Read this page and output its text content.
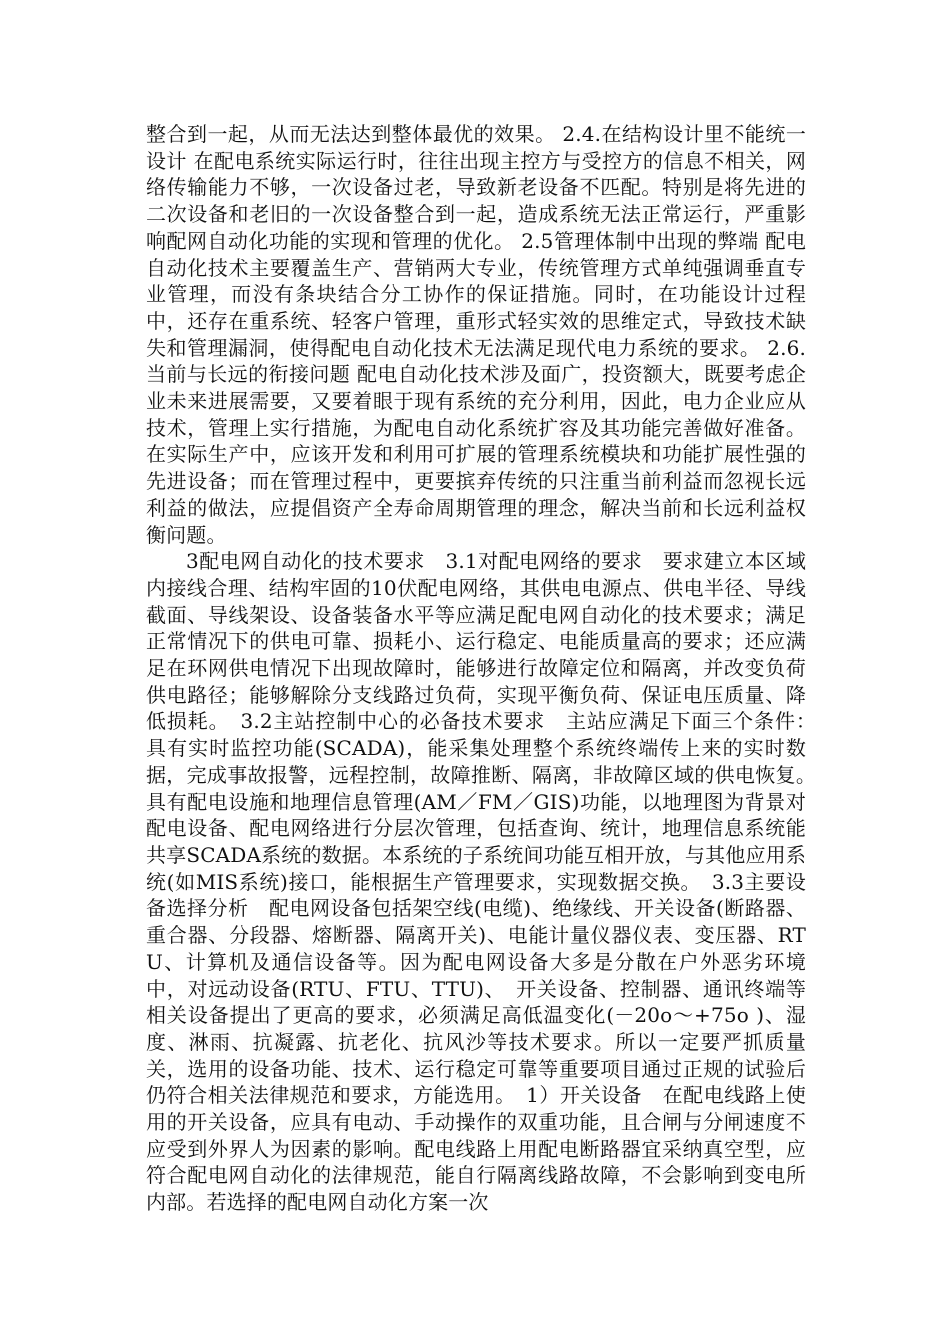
整合到一起，从而无法达到整体最优的效果。 2.4.在结构设计里不能统一设计 在配电系统实际运行时，往往出现主控方与受控方的信息不相关，网络传输能力不够，一次设备过老，导致新老设备不匹配。特别是将先进的二次设备和老旧的一次设备整合到一起，造成系统无法正常运行，严重影响配网自动化功能的实现和管理的优化。 2.5管理体制中出现的弊端 配电自动化技术主要覆盖生产、营销两大专业，传统管理方式单纯强调垂直专业管理，而没有条块结合分工协作的保证措施。同时，在功能设计过程中，还存在重系统、轻客户管理，重形式轻实效的思维定式，导致技术缺失和管理漏洞，使得配电自动化技术无法满足现代电力系统的要求。 2.6.当前与长远的衔接问题 配电自动化技术涉及面广，投资额大，既要考虑企业未来进展需要，又要着眼于现有系统的充分利用，因此，电力企业应从技术，管理上实行措施，为配电自动化系统扩容及其功能完善做好准备。在实际生产中，应该开发和利用可扩展的管理系统模块和功能扩展性强的先进设备；而在管理过程中，更要摈弃传统的只注重当前利益而忽视长远利益的做法，应提倡资产全寿命周期管理的理念，解决当前和长远利益权衡问题。

3配电网自动化的技术要求　3.1对配电网络的要求　要求建立本区域内接线合理、结构牢固的10伏配电网络，其供电电源点、供电半径、导线截面、导线架设、设备装备水平等应满足配电网自动化的技术要求；满足正常情况下的供电可靠、损耗小、运行稳定、电能质量高的要求；还应满足在环网供电情况下出现故障时，能够进行故障定位和隔离，并改变负荷供电路径；能够解除分支线路过负荷，实现平衡负荷、保证电压质量、降低损耗。　3.2主站控制中心的必备技术要求　主站应满足下面三个条件：　具有实时监控功能(SCADA)，能采集处理整个系统终端传上来的实时数据，完成事故报警，远程控制，故障推断、隔离，非故障区域的供电恢复。　具有配电设施和地理信息管理(AM／FM／GIS)功能，以地理图为背景对配电设备、配电网络进行分层次管理，包括查询、统计，地理信息系统能共享SCADA系统的数据。本系统的子系统间功能互相开放，与其他应用系统(如MIS系统)接口，能根据生产管理要求，实现数据交换。　3.3主要设备选择分析　配电网设备包括架空线(电缆)、绝缘线、开关设备(断路器、重合器、分段器、熔断器、隔离开关)、电能计量仪器仪表、变压器、RTU、计算机及通信设备等。因为配电网设备大多是分散在户外恶劣环境中，对远动设备(RTU、FTU、TTU)、　开关设备、控制器、通讯终端等相关设备提出了更高的要求，必须满足高低温变化(－20o～+75o )、湿度、淋雨、抗凝露、抗老化、抗风沙等技术要求。所以一定要严抓质量关，选用的设备功能、技术、运行稳定可靠等重要项目通过正规的试验后仍符合相关法律规范和要求，方能选用。　1）开关设备　在配电线路上使用的开关设备，应具有电动、手动操作的双重功能，且合闸与分闸速度不应受到外界人为因素的影响。配电线路上用配电断路器宜采纳真空型，应符合配电网自动化的法律规范，能自行隔离线路故障，不会影响到变电所内部。若选择的配电网自动化方案一次
